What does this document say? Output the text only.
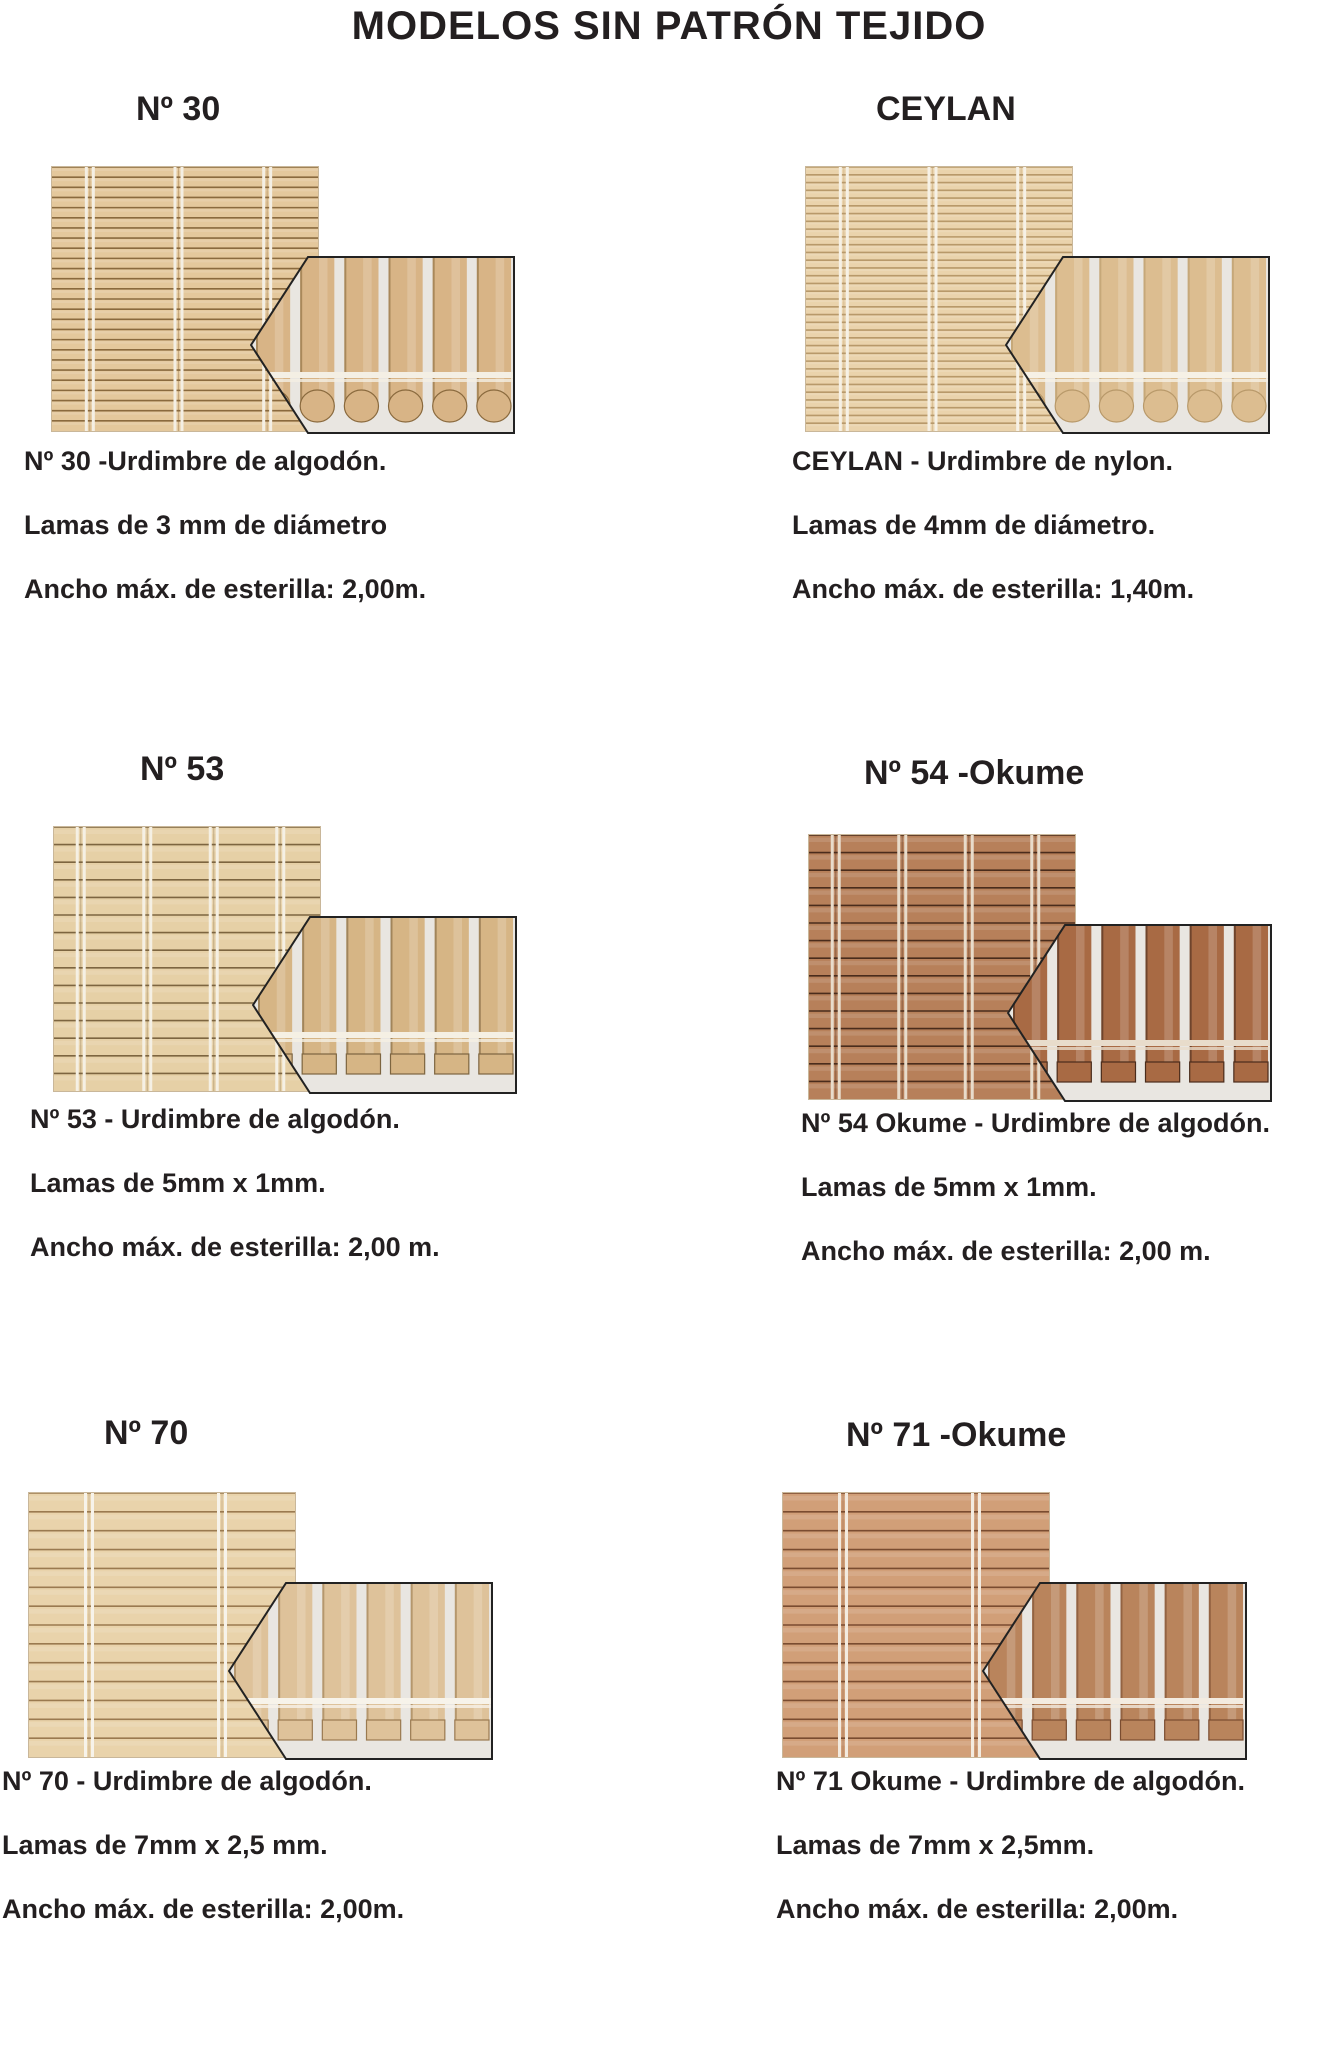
MODELOS SIN PATRÓN TEJIDO
Nº 30
Nº 30 -Urdimbre de algodón.
Lamas de 3 mm de diámetro
Ancho máx. de esterilla: 2,00m.
CEYLAN
CEYLAN - Urdimbre de nylon.
Lamas de 4mm de diámetro.
Ancho máx. de esterilla: 1,40m.
Nº 53
Nº 53 - Urdimbre de algodón.
Lamas de 5mm x 1mm.
Ancho máx. de esterilla: 2,00 m.
Nº 54 -Okume
Nº 54 Okume - Urdimbre de algodón.
Lamas de 5mm x 1mm.
Ancho máx. de esterilla: 2,00 m.
Nº 70
Nº 70 - Urdimbre de algodón.
Lamas de 7mm x 2,5 mm.
Ancho máx. de esterilla: 2,00m.
Nº 71 -Okume
Nº 71 Okume - Urdimbre de algodón.
Lamas de 7mm x 2,5mm.
Ancho máx. de esterilla: 2,00m.
